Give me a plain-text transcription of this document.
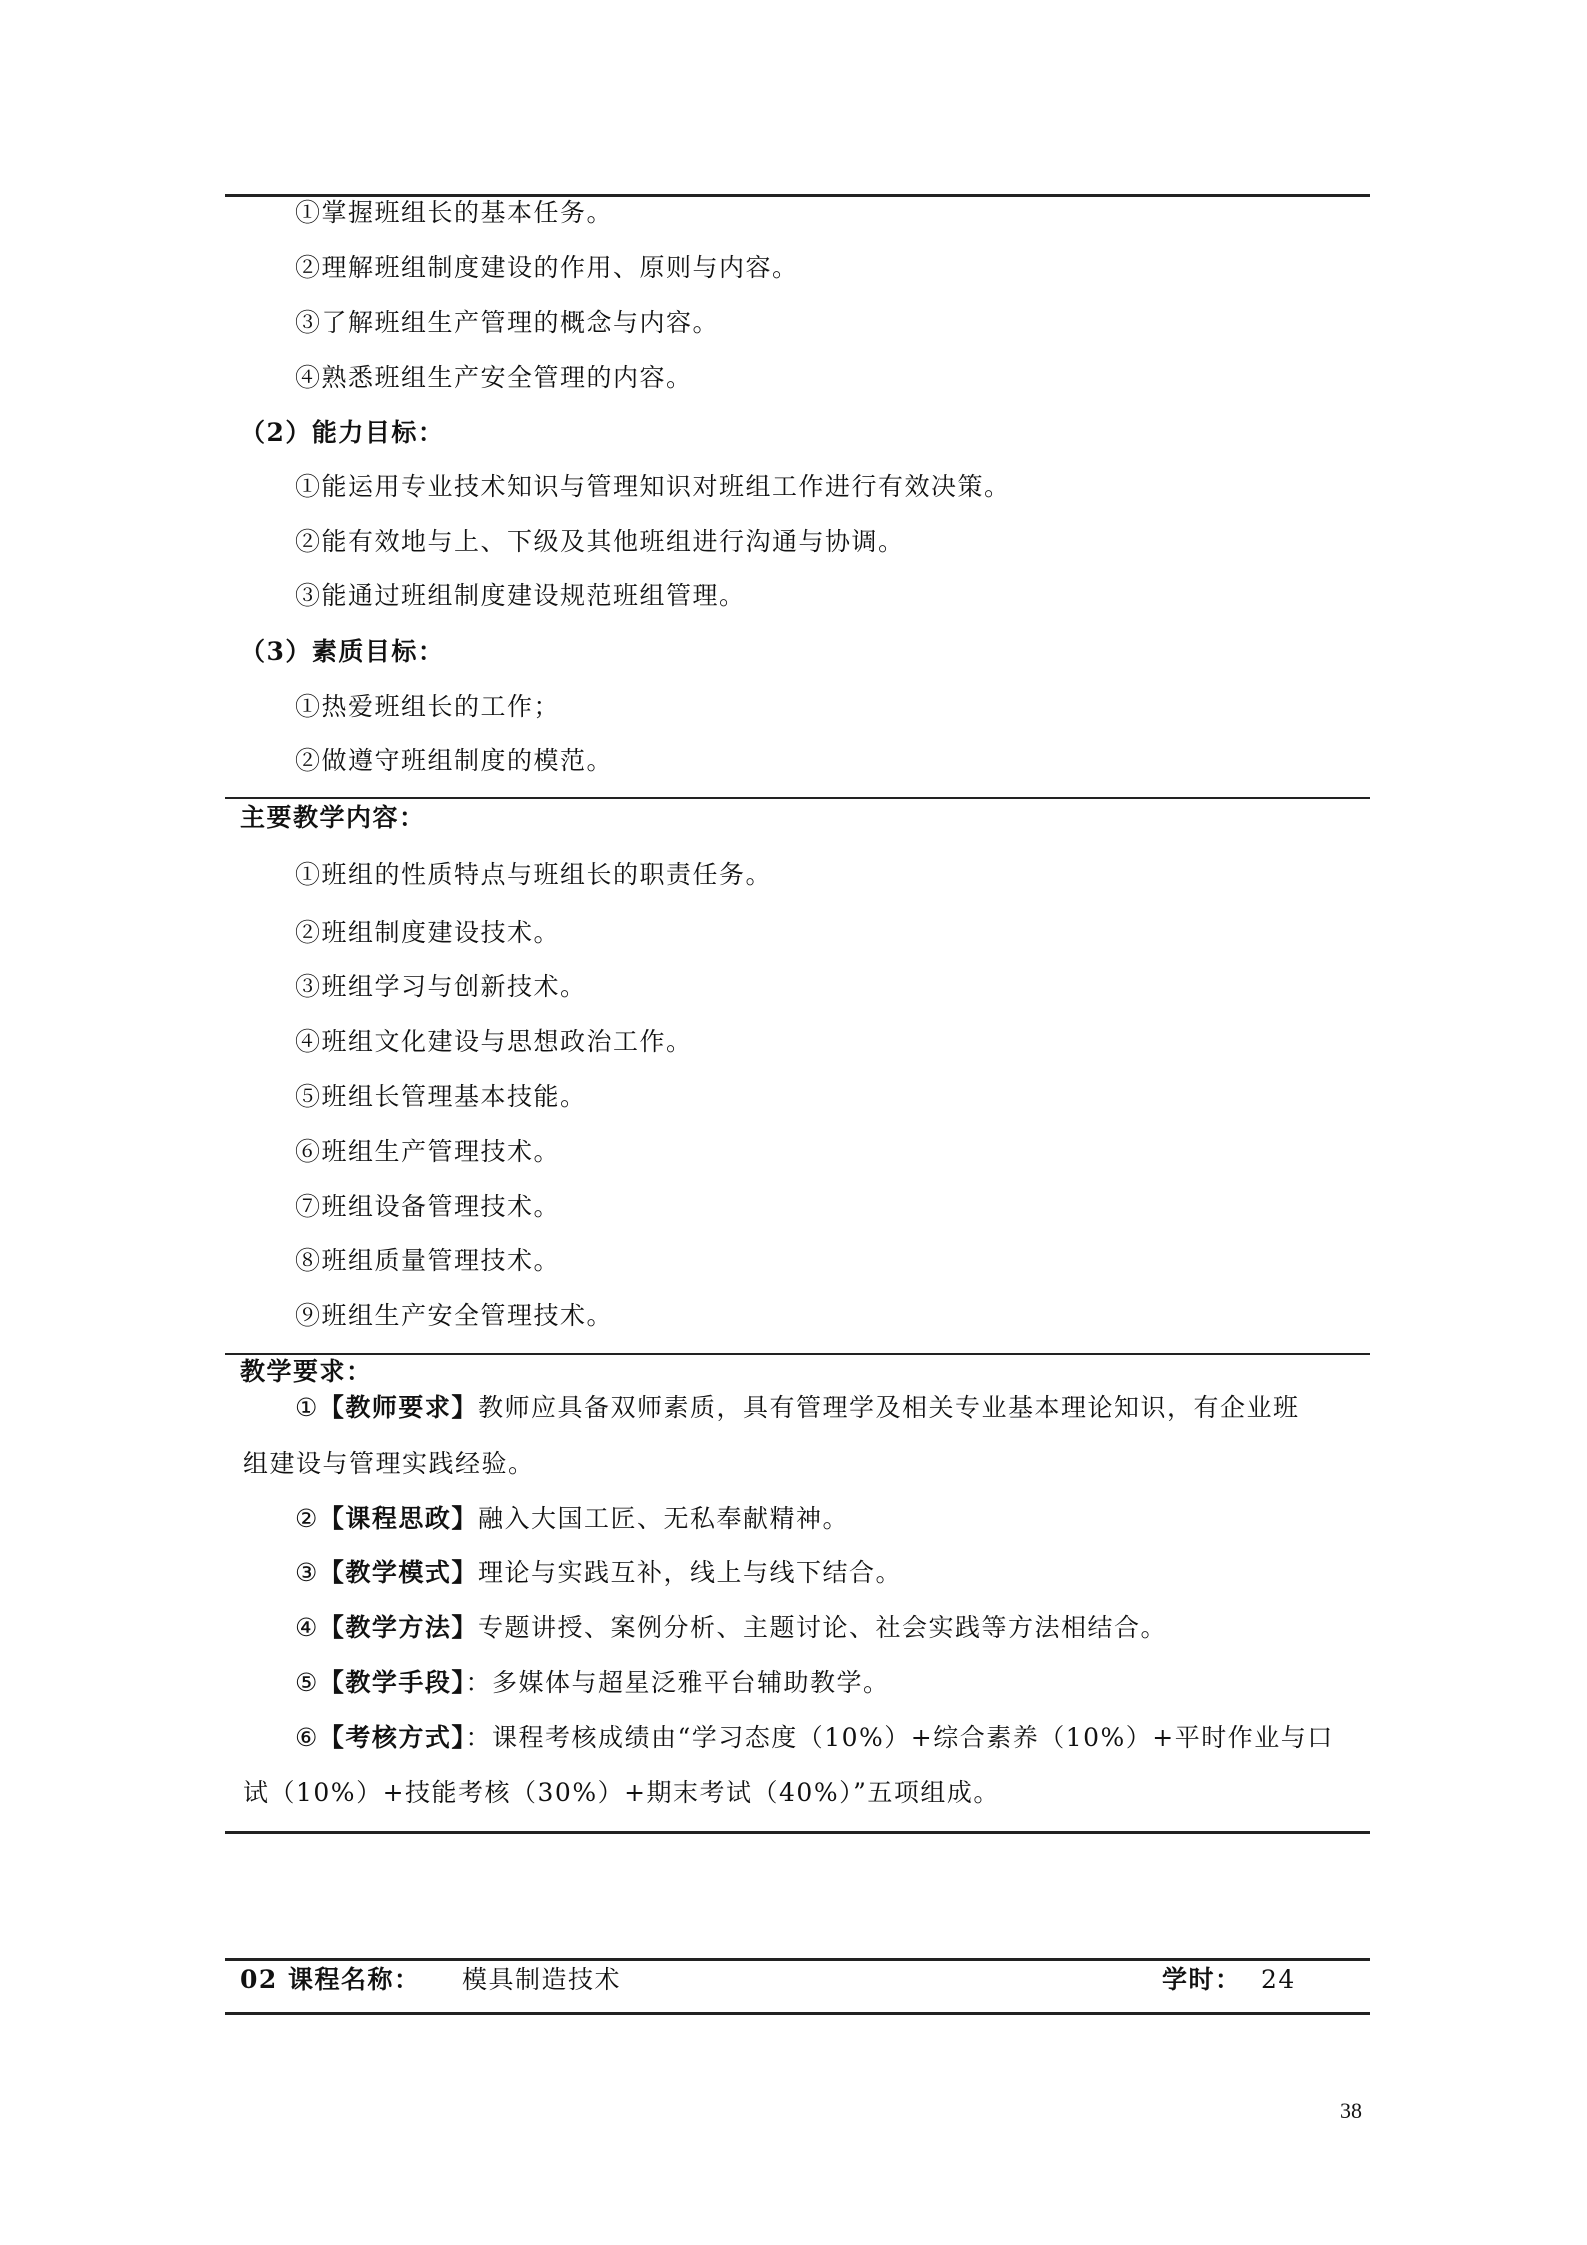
①掌握班组长的基本任务。
②理解班组制度建设的作用、原则与内容。
③了解班组生产管理的概念与内容。
④熟悉班组生产安全管理的内容。
（2）能力目标：
①能运用专业技术知识与管理知识对班组工作进行有效决策。
②能有效地与上、下级及其他班组进行沟通与协调。
③能通过班组制度建设规范班组管理。
（3）素质目标：
①热爱班组长的工作；
②做遵守班组制度的模范。
主要教学内容：
①班组的性质特点与班组长的职责任务。
②班组制度建设技术。
③班组学习与创新技术。
④班组文化建设与思想政治工作。
⑤班组长管理基本技能。
⑥班组生产管理技术。
⑦班组设备管理技术。
⑧班组质量管理技术。
⑨班组生产安全管理技术。
教学要求：
①【教师要求】教师应具备双师素质，具有管理学及相关专业基本理论知识，有企业班
组建设与管理实践经验。
②【课程思政】融入大国工匠、无私奉献精神。
③【教学模式】理论与实践互补，线上与线下结合。
④【教学方法】专题讲授、案例分析、主题讨论、社会实践等方法相结合。
⑤【教学手段】：多媒体与超星泛雅平台辅助教学。
⑥【考核方式】：课程考核成绩由“学习态度（10%）+综合素养（10%）+平时作业与口
试（10%）+技能考核（30%）+期末考试（40%）”五项组成。
02 课程名称： 模具制造技术	学时： 24
38
